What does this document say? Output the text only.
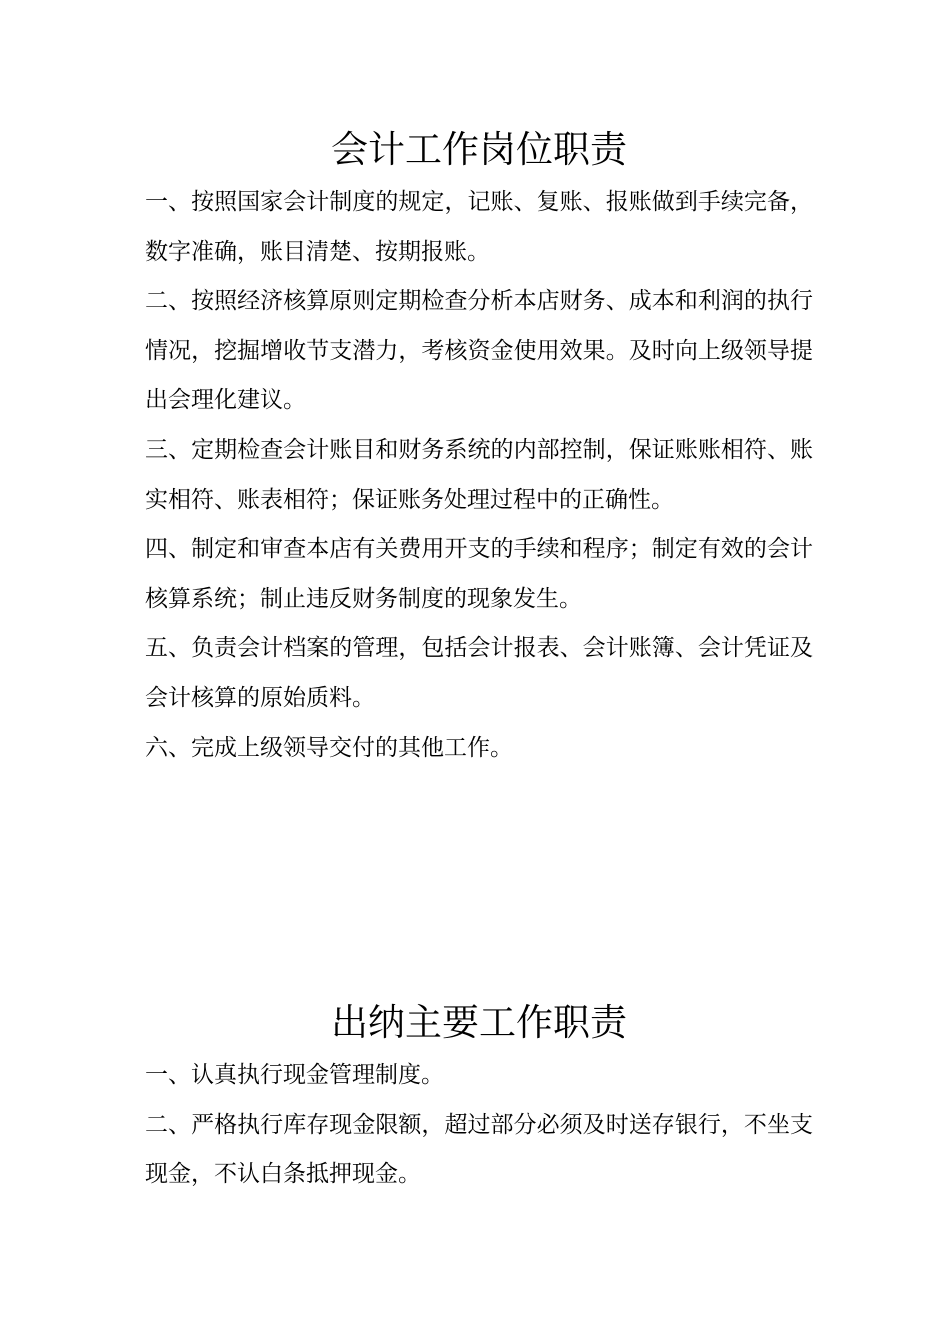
会计工作岗位职责

一、按照国家会计制度的规定，记账、复账、报账做到手续完备，数字准确，账目清楚、按期报账。

二、按照经济核算原则定期检查分析本店财务、成本和利润的执行情况，挖掘增收节支潜力，考核资金使用效果。及时向上级领导提出会理化建议。

三、定期检查会计账目和财务系统的内部控制，保证账账相符、账实相符、账表相符；保证账务处理过程中的正确性。

四、制定和审查本店有关费用开支的手续和程序；制定有效的会计核算系统；制止违反财务制度的现象发生。

五、负责会计档案的管理，包括会计报表、会计账簿、会计凭证及会计核算的原始质料。

六、完成上级领导交付的其他工作。

出纳主要工作职责

一、认真执行现金管理制度。

二、严格执行库存现金限额，超过部分必须及时送存银行，不坐支现金，不认白条抵押现金。
